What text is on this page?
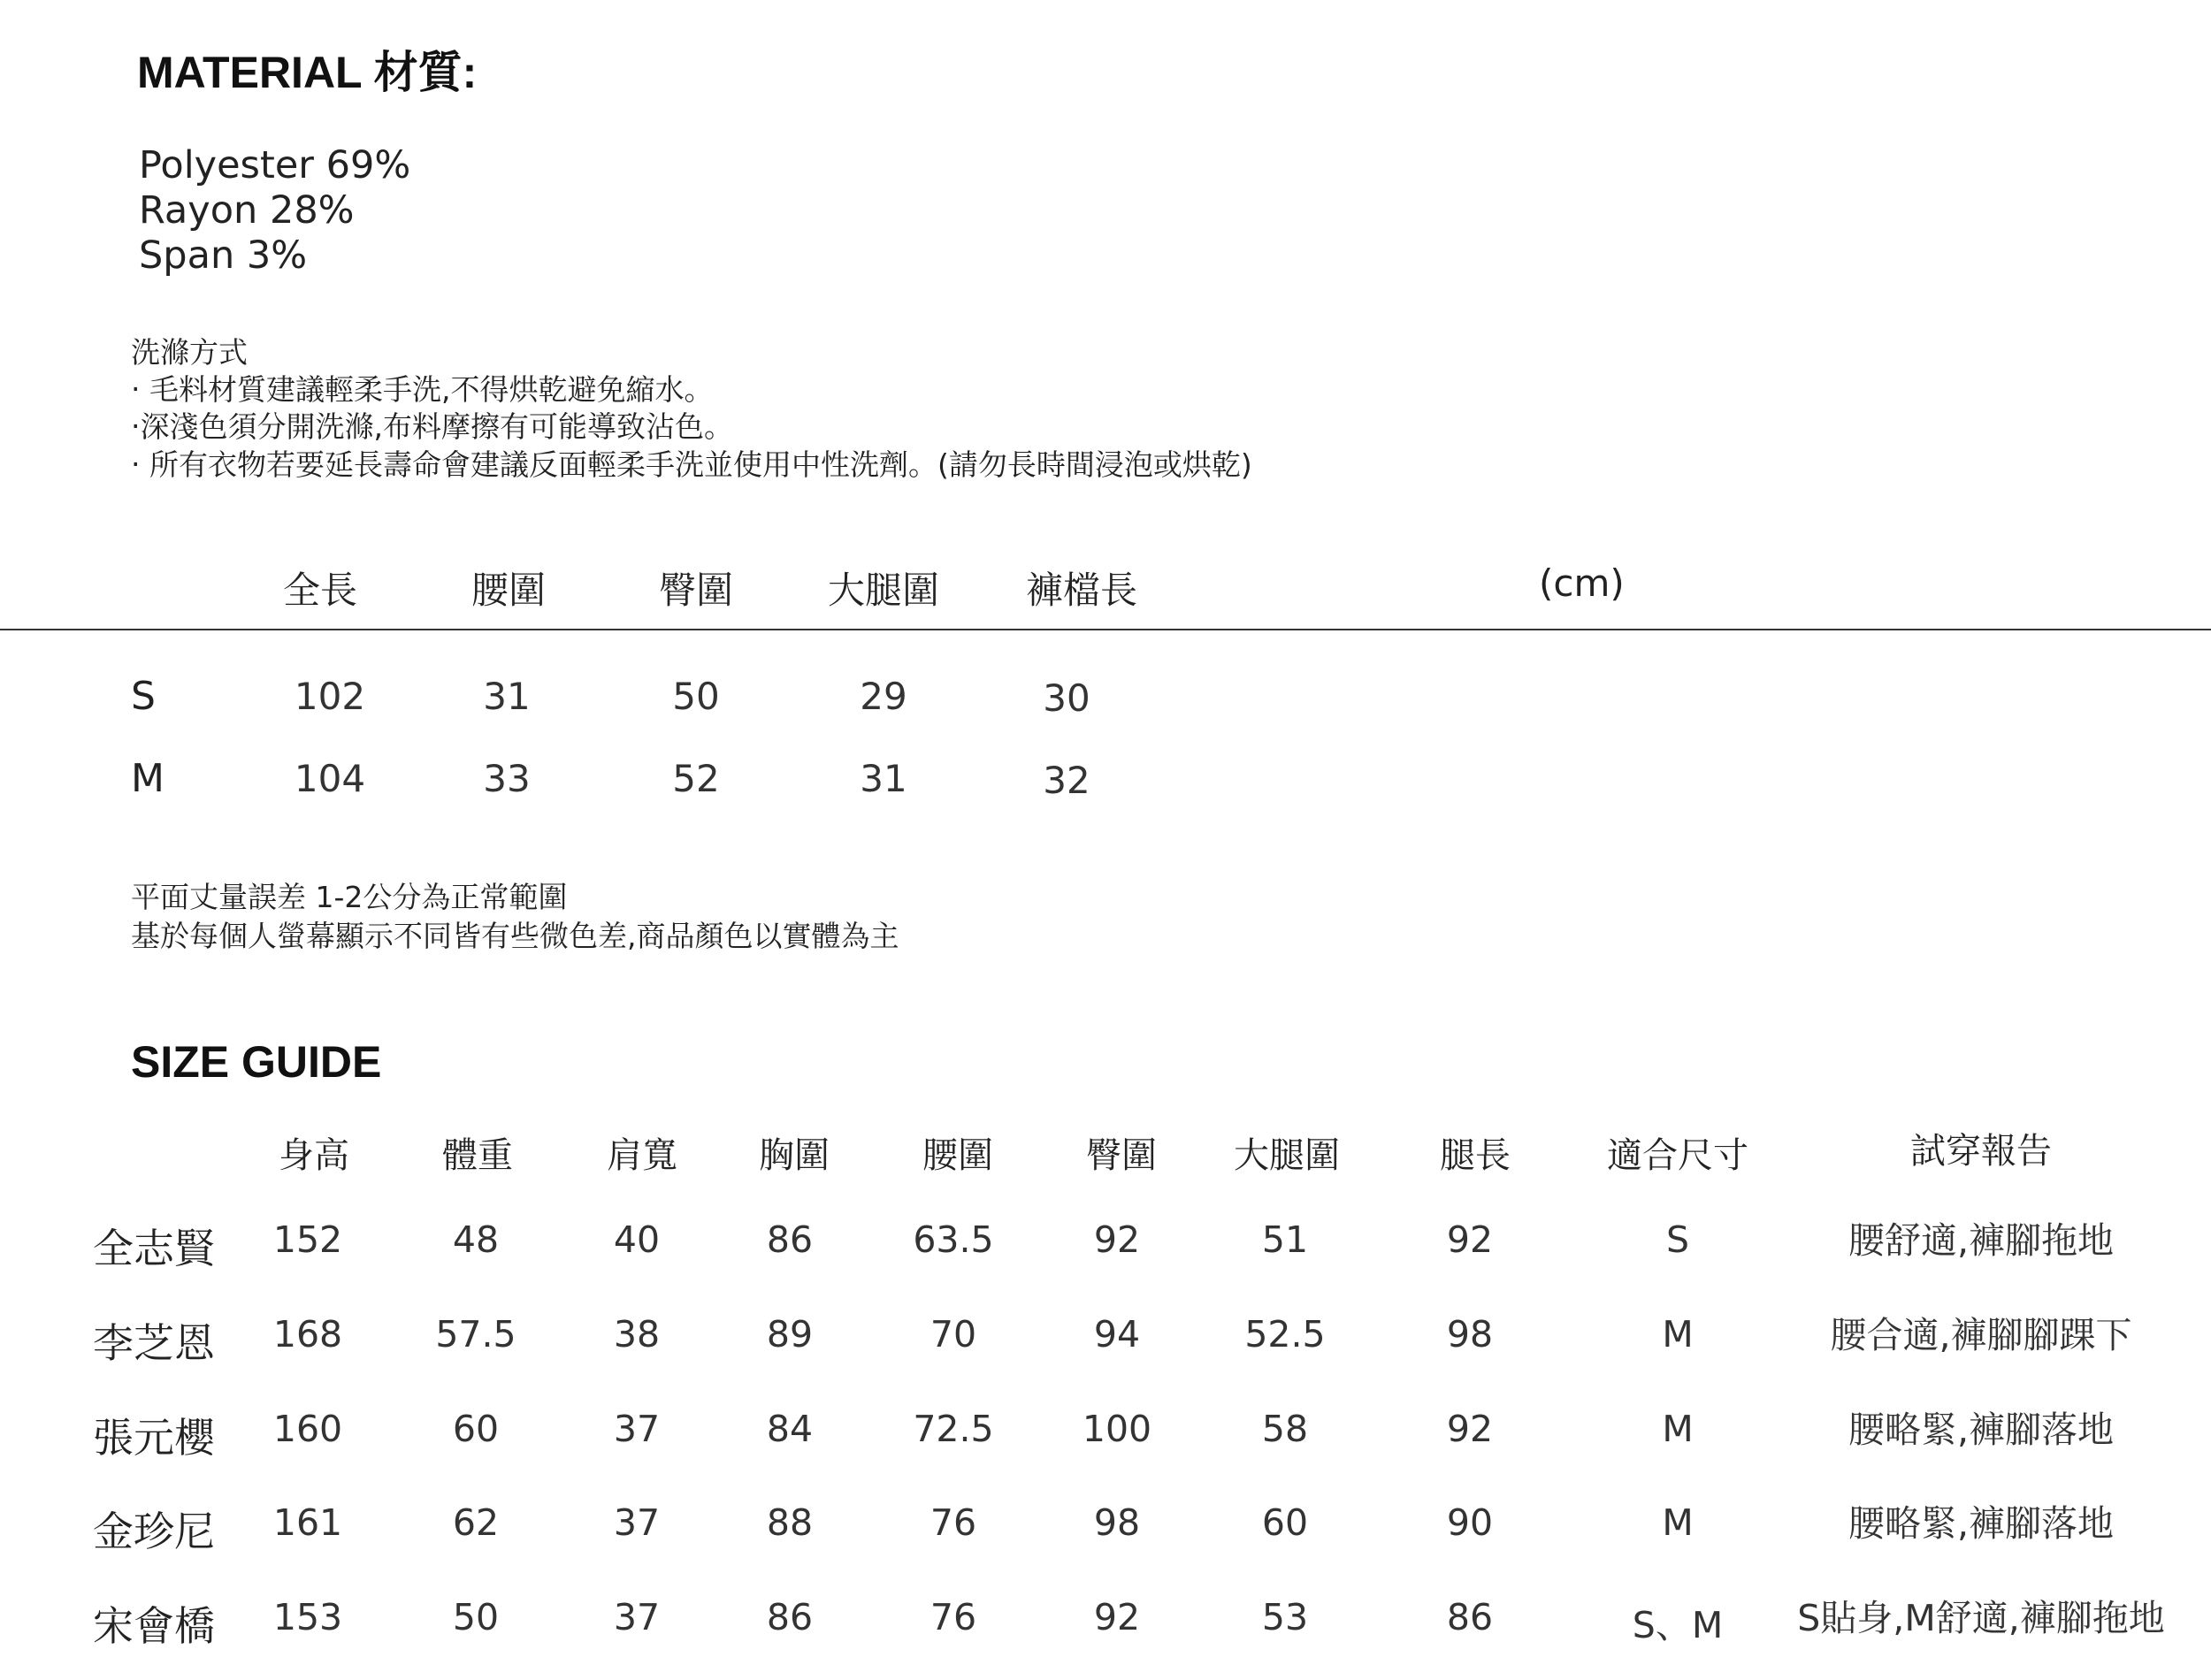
MATERIAL 材質:
Polyester 69%
Rayon 28%
Span 3%
洗滌方式
‧ 毛料材質建議輕柔手洗,不得烘乾避免縮水。
‧深淺色須分開洗滌,布料摩擦有可能導致沾色。
‧ 所有衣物若要延長壽命會建議反面輕柔手洗並使用中性洗劑。(請勿長時間浸泡或烘乾)
全長	腰圍	臀圍	大腿圍 褲檔長	(cm)
S	102	31	50	29	30
M	104	33	52	31	32
平面丈量誤差 1-2公分為正常範圍
基於每個人螢幕顯示不同皆有些微色差,商品顏色以實體為主
SIZE GUIDE
身高	體重	肩寬	胸圍	腰圍	臀圍	大腿圍	腿長	適合尺寸	試穿報告
全志賢	152	48	40	86	63.5	92	51	92	S	腰舒適,褲腳拖地
李芝恩	168	57.5	38	89	70	94	52.5	98	M	腰合適,褲腳腳踝下
張元櫻	160	60	37	84	72.5	100	58	92	M	腰略緊,褲腳落地
金珍尼	161	62	37	88	76	98	60	90	M	腰略緊,褲腳落地
宋會橋	153	50	37	86	76	92	53	86	S、M	S貼身,M舒適,褲腳拖地
